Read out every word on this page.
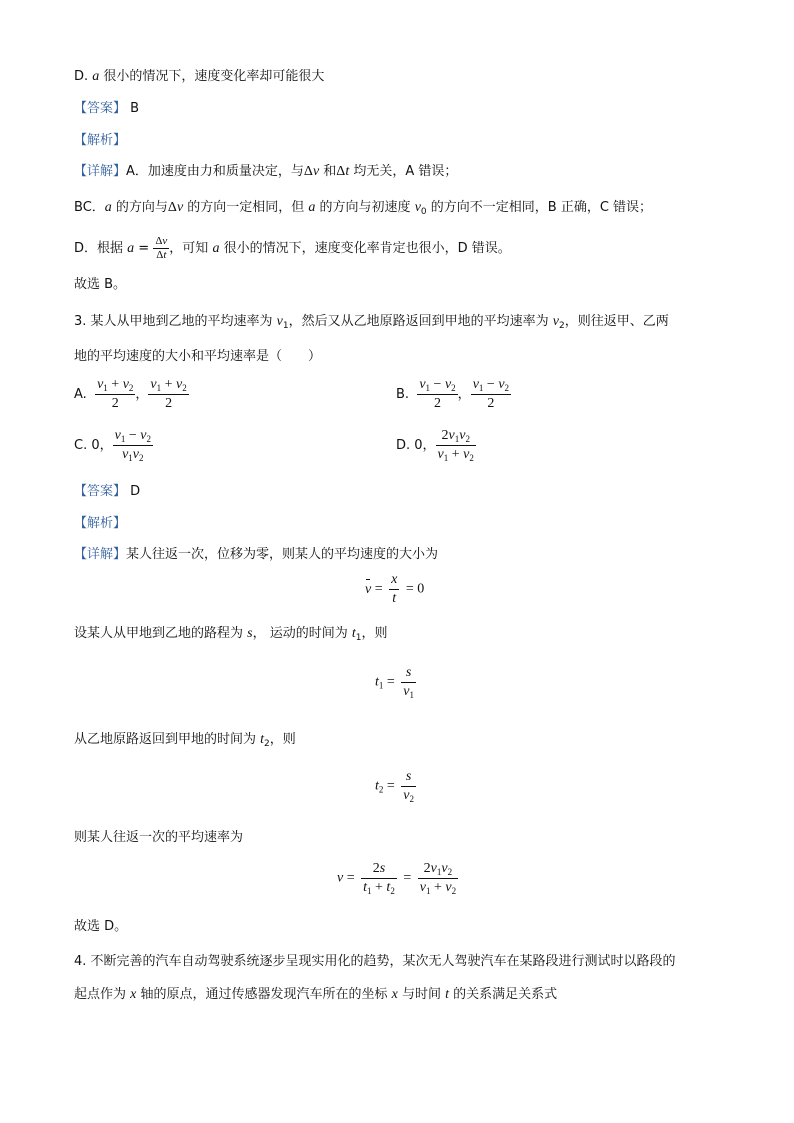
D. a 很小的情况下，速度变化率却可能很大
【答案】 B
【解析】
【详解】A．加速度由力和质量决定，与Δv 和Δt 均无关，A 错误；
BC．a 的方向与Δv 的方向一定相同，但 a 的方向与初速度 $v_0$ 的方向不一定相同，B 正确，C 错误；
D．根据 $a = \frac{\Delta v}{\Delta t}$ ，可知 a 很小的情况下，速度变化率肯定也很小，D 错误。
故选 B。
3. 某人从甲地到乙地的平均速率为 $v_1$，然后又从乙地原路返回到甲地的平均速率为 $v_2$，则往返甲、乙两
地的平均速度的大小和平均速率是（　　）
A. $\frac{v_1 + v_2}{2}$ ， $\frac{v_1 + v_2}{2}$	B. $\frac{v_1 - v_2}{2}$ ， $\frac{v_1 - v_2}{2}$
C. 0， $\frac{v_1 - v_2}{v_1v_2}$	D. 0， $\frac{2v_1v_2}{v_1 + v_2}$
【答案】 D
【解析】
【详解】某人往返一次，位移为零，则某人的平均速度的大小为
$v = \frac{x}{t} = 0$
设某人从甲地到乙地的路程为 s， 运动的时间为 $t_1$，则
$t_1 = \frac{s}{v_1}$
从乙地原路返回到甲地的时间为 $t_2$，则
$t_2 = \frac{s}{v_2}$
则某人往返一次的平均速率为
$v = \frac{2s}{t_1 + t_2} = \frac{2v_1v_2}{v_1 + v_2}$
故选 D。
4. 不断完善的汽车自动驾驶系统逐步呈现实用化的趋势，某次无人驾驶汽车在某路段进行测试时以路段的
起点作为 x 轴的原点，通过传感器发现汽车所在的坐标 x 与时间 t 的关系满足关系式
